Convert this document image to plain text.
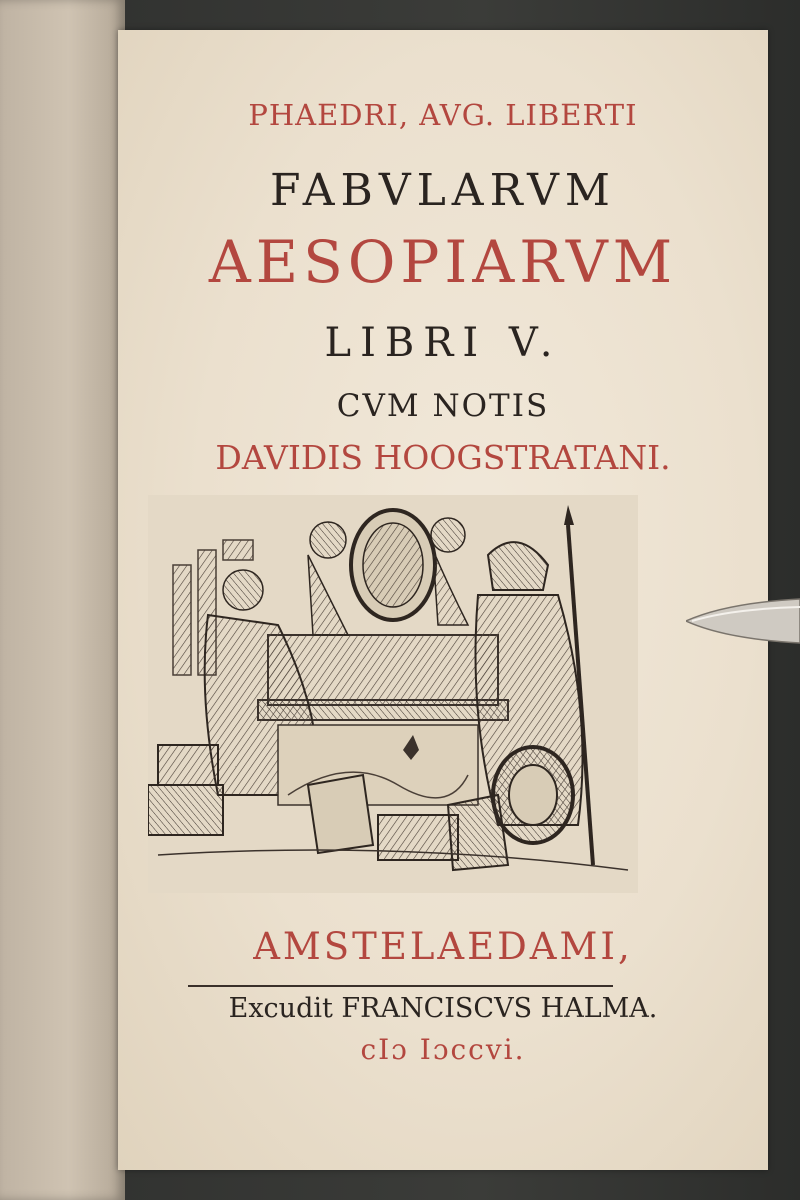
PHAEDRI, AVG. LIBERTI
FABVLARVM
AESOPIARVM
LIBRI V.
CVM NOTIS
DAVIDIS HOOGSTRATANI.
AMSTELAEDAMI,
Excudit FRANCISCVS HALMA.
cIɔ Iɔccvi.
